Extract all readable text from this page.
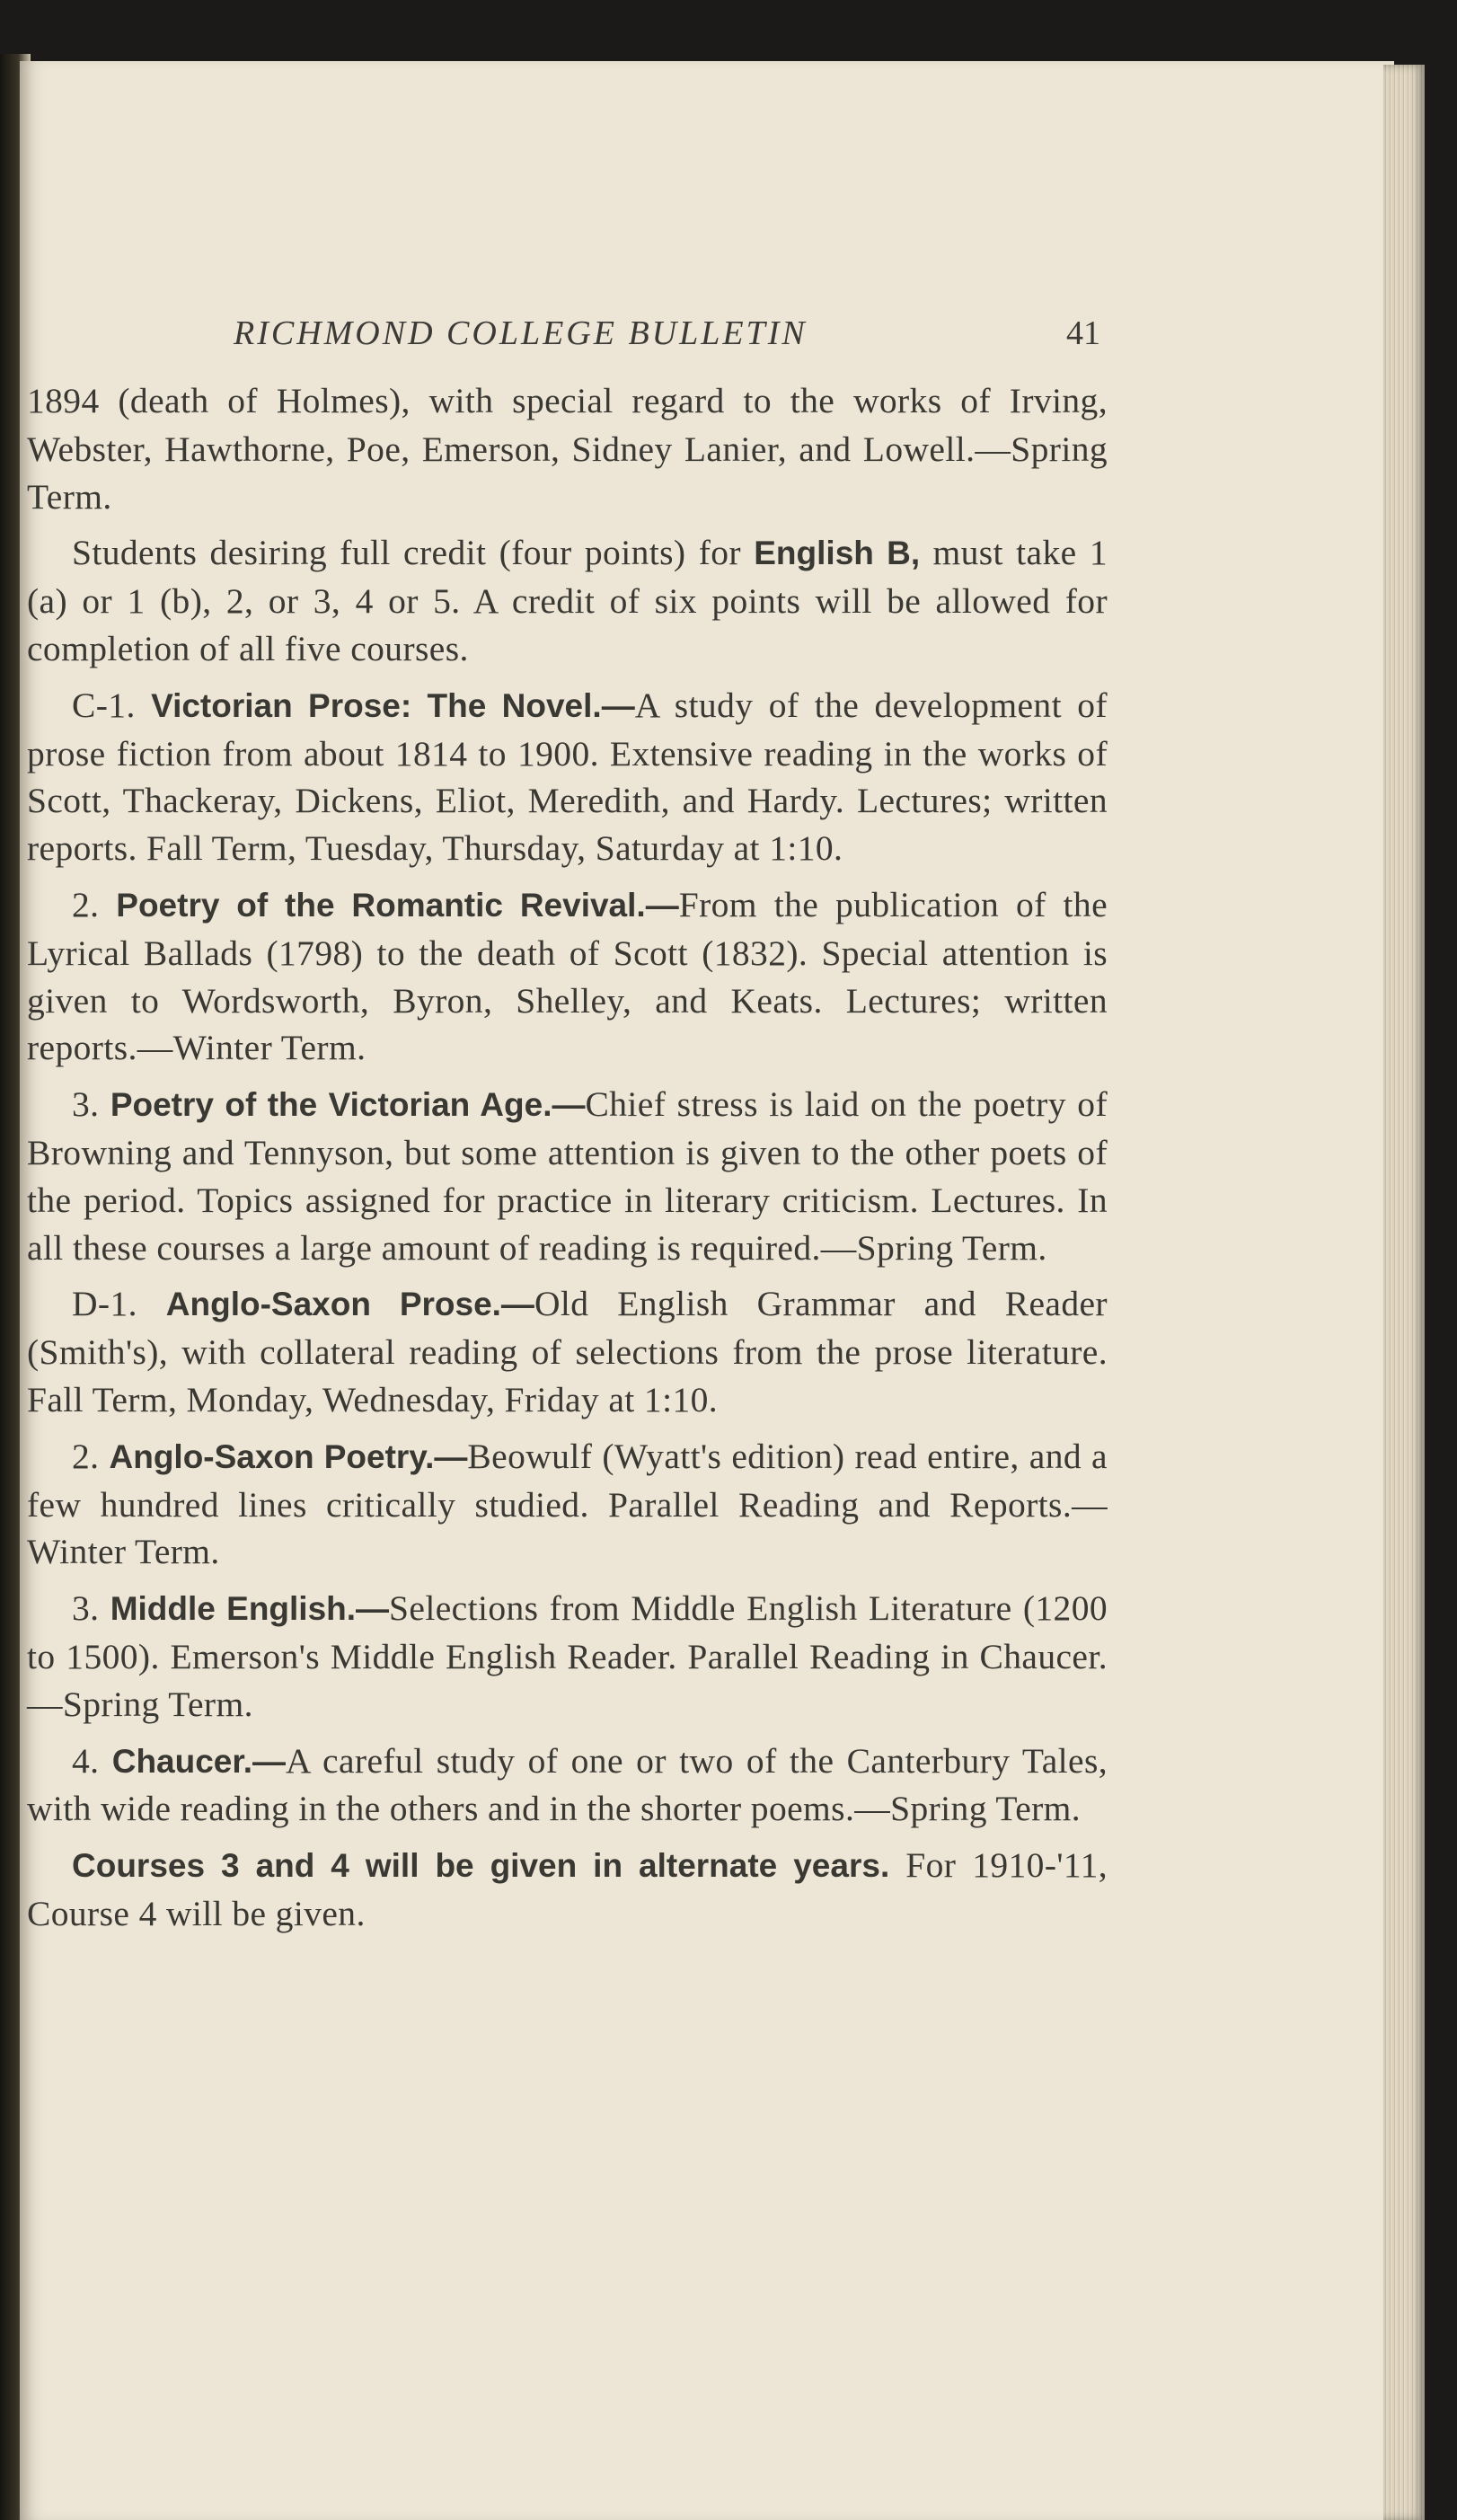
RICHMOND COLLEGE BULLETIN	41

1894 (death of Holmes), with special regard to the works of Irving, Webster, Hawthorne, Poe, Emerson, Sidney Lanier, and Lowell.—Spring Term.

Students desiring full credit (four points) for English B, must take 1 (a) or 1 (b), 2, or 3, 4 or 5. A credit of six points will be allowed for completion of all five courses.

C-1. Victorian Prose: The Novel.—A study of the development of prose fiction from about 1814 to 1900. Extensive reading in the works of Scott, Thackeray, Dickens, Eliot, Meredith, and Hardy. Lectures; written reports. Fall Term, Tuesday, Thursday, Saturday at 1:10.

2. Poetry of the Romantic Revival.—From the publication of the Lyrical Ballads (1798) to the death of Scott (1832). Special attention is given to Wordsworth, Byron, Shelley, and Keats. Lectures; written reports.—Winter Term.

3. Poetry of the Victorian Age.—Chief stress is laid on the poetry of Browning and Tennyson, but some attention is given to the other poets of the period. Topics assigned for practice in literary criticism. Lectures. In all these courses a large amount of reading is required.—Spring Term.

D-1. Anglo-Saxon Prose.—Old English Grammar and Reader (Smith's), with collateral reading of selections from the prose literature. Fall Term, Monday, Wednesday, Friday at 1:10.

2. Anglo-Saxon Poetry.—Beowulf (Wyatt's edition) read entire, and a few hundred lines critically studied. Parallel Reading and Reports.—Winter Term.

3. Middle English.—Selections from Middle English Literature (1200 to 1500). Emerson's Middle English Reader. Parallel Reading in Chaucer.—Spring Term.

4. Chaucer.—A careful study of one or two of the Canterbury Tales, with wide reading in the others and in the shorter poems.—Spring Term.

Courses 3 and 4 will be given in alternate years. For 1910-'11, Course 4 will be given.
